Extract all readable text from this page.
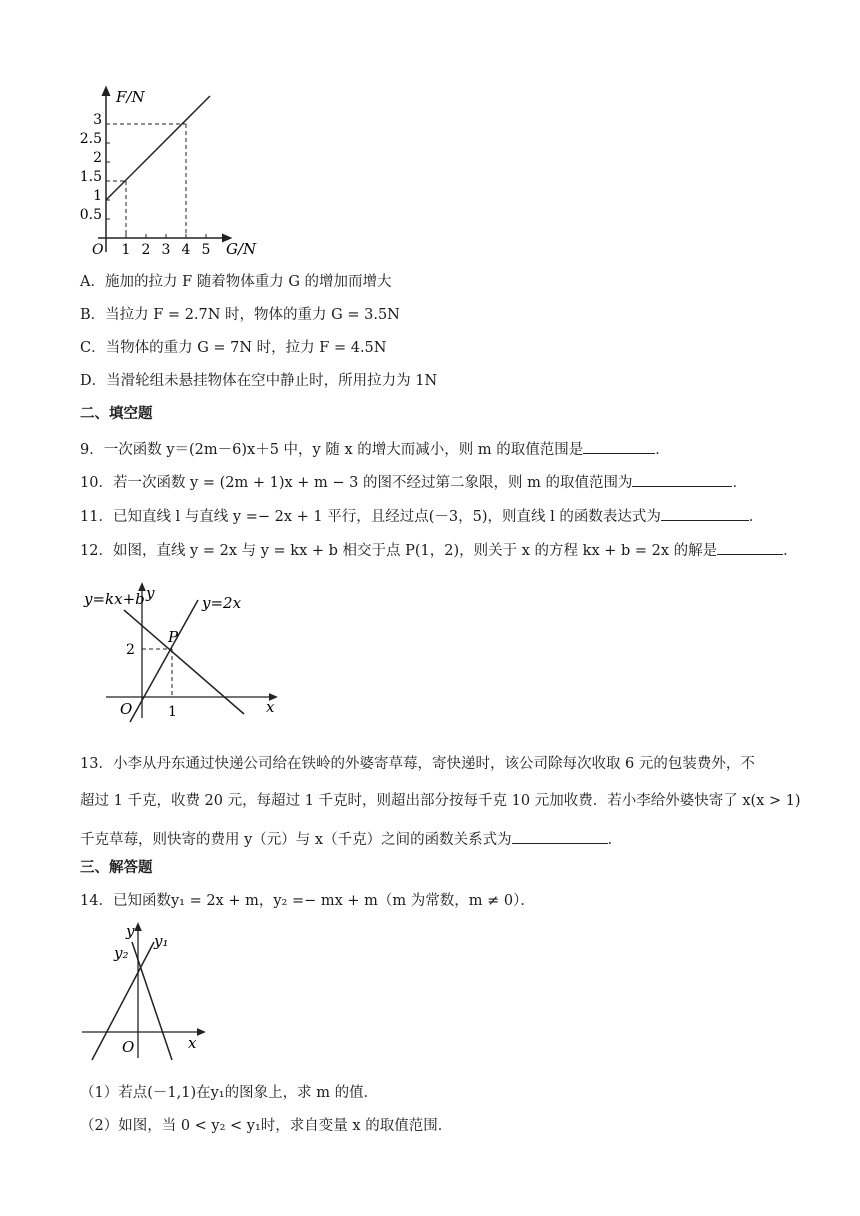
F/N
G/N
O
3
2.5
2
1.5
1
0.5
1 2 3 4 5
A．施加的拉力 F 随着物体重力 G 的增加而增大
B．当拉力 F = 2.7N 时，物体的重力 G = 3.5N
C．当物体的重力 G = 7N 时，拉力 F = 4.5N
D．当滑轮组未悬挂物体在空中静止时，所用拉力为 1N
二、填空题
9．一次函数 y＝(2m－6)x＋5 中，y 随 x 的增大而减小，则 m 的取值范围是	．
10．若一次函数 y = (2m + 1)x + m − 3 的图不经过第二象限，则 m 的取值范围为	．
11．已知直线 l 与直线 y =− 2x + 1 平行，且经过点(－3，5)，则直线 l 的函数表达式为	．
12．如图，直线 y = 2x 与 y = kx + b 相交于点 P(1，2)，则关于 x 的方程 kx + b = 2x 的解是	．
y=kx+b	y=2x
y
x
O
P
2
1
13．小李从丹东通过快递公司给在铁岭的外婆寄草莓，寄快递时，该公司除每次收取 6 元的包装费外，不
超过 1 千克，收费 20 元，每超过 1 千克时，则超出部分按每千克 10 元加收费．若小李给外婆快寄了 x(x > 1)
千克草莓，则快寄的费用 y（元）与 x（千克）之间的函数关系式为	．
三、解答题
14．已知函数y₁ = 2x + m，y₂ =− mx + m（m 为常数，m ≠ 0）．
y
x
O
y₁
y₂
（1）若点(－1,1)在y₁的图象上，求 m 的值．
（2）如图，当 0 < y₂ < y₁时，求自变量 x 的取值范围．
